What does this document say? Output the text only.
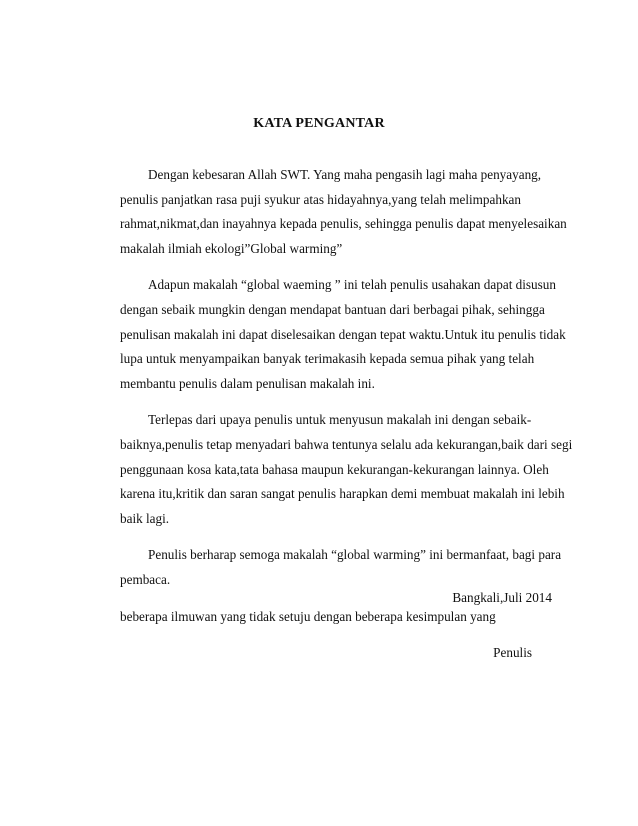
KATA PENGANTAR
Dengan kebesaran Allah SWT. Yang maha pengasih lagi maha penyayang,
penulis panjatkan rasa puji syukur atas hidayahnya,yang telah melimpahkan
rahmat,nikmat,dan inayahnya kepada penulis, sehingga penulis dapat menyelesaikan
makalah ilmiah ekologi”Global warming”
Adapun makalah “global waeming ” ini telah penulis usahakan dapat disusun
dengan sebaik mungkin dengan mendapat bantuan dari berbagai pihak, sehingga
penulisan makalah ini dapat diselesaikan dengan tepat waktu.Untuk itu penulis tidak
lupa untuk menyampaikan banyak terimakasih kepada semua pihak yang telah
membantu penulis dalam penulisan makalah ini.
Terlepas dari upaya penulis untuk menyusun makalah ini dengan sebaik-
baiknya,penulis tetap menyadari bahwa tentunya selalu ada kekurangan,baik dari segi
penggunaan kosa kata,tata bahasa maupun kekurangan-kekurangan lainnya. Oleh
karena itu,kritik dan saran sangat penulis harapkan demi membuat makalah ini lebih
baik lagi.
Penulis berharap semoga makalah “global warming” ini bermanfaat, bagi para
pembaca.
beberapa ilmuwan yang tidak setuju dengan beberapa kesimpulan yang
Bangkali,Juli 2014
Penulis
